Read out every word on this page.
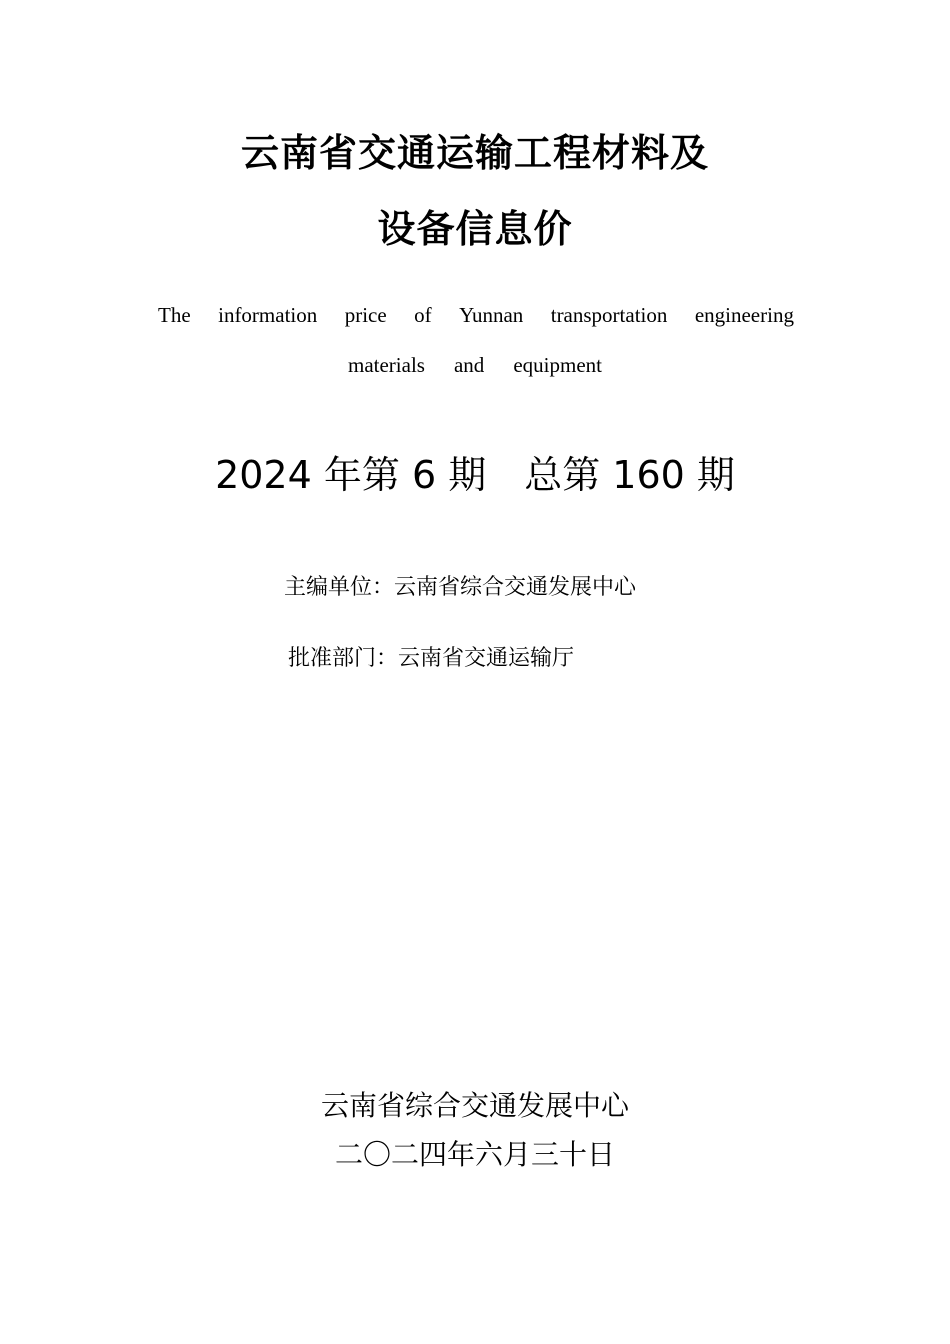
云南省交通运输工程材料及
设备信息价
The information price of Yunnan transportation engineering
materials and equipment
2024 年第 6 期 总第 160 期
主编单位：云南省综合交通发展中心
批准部门：云南省交通运输厅
云南省综合交通发展中心
二〇二四年六月三十日
